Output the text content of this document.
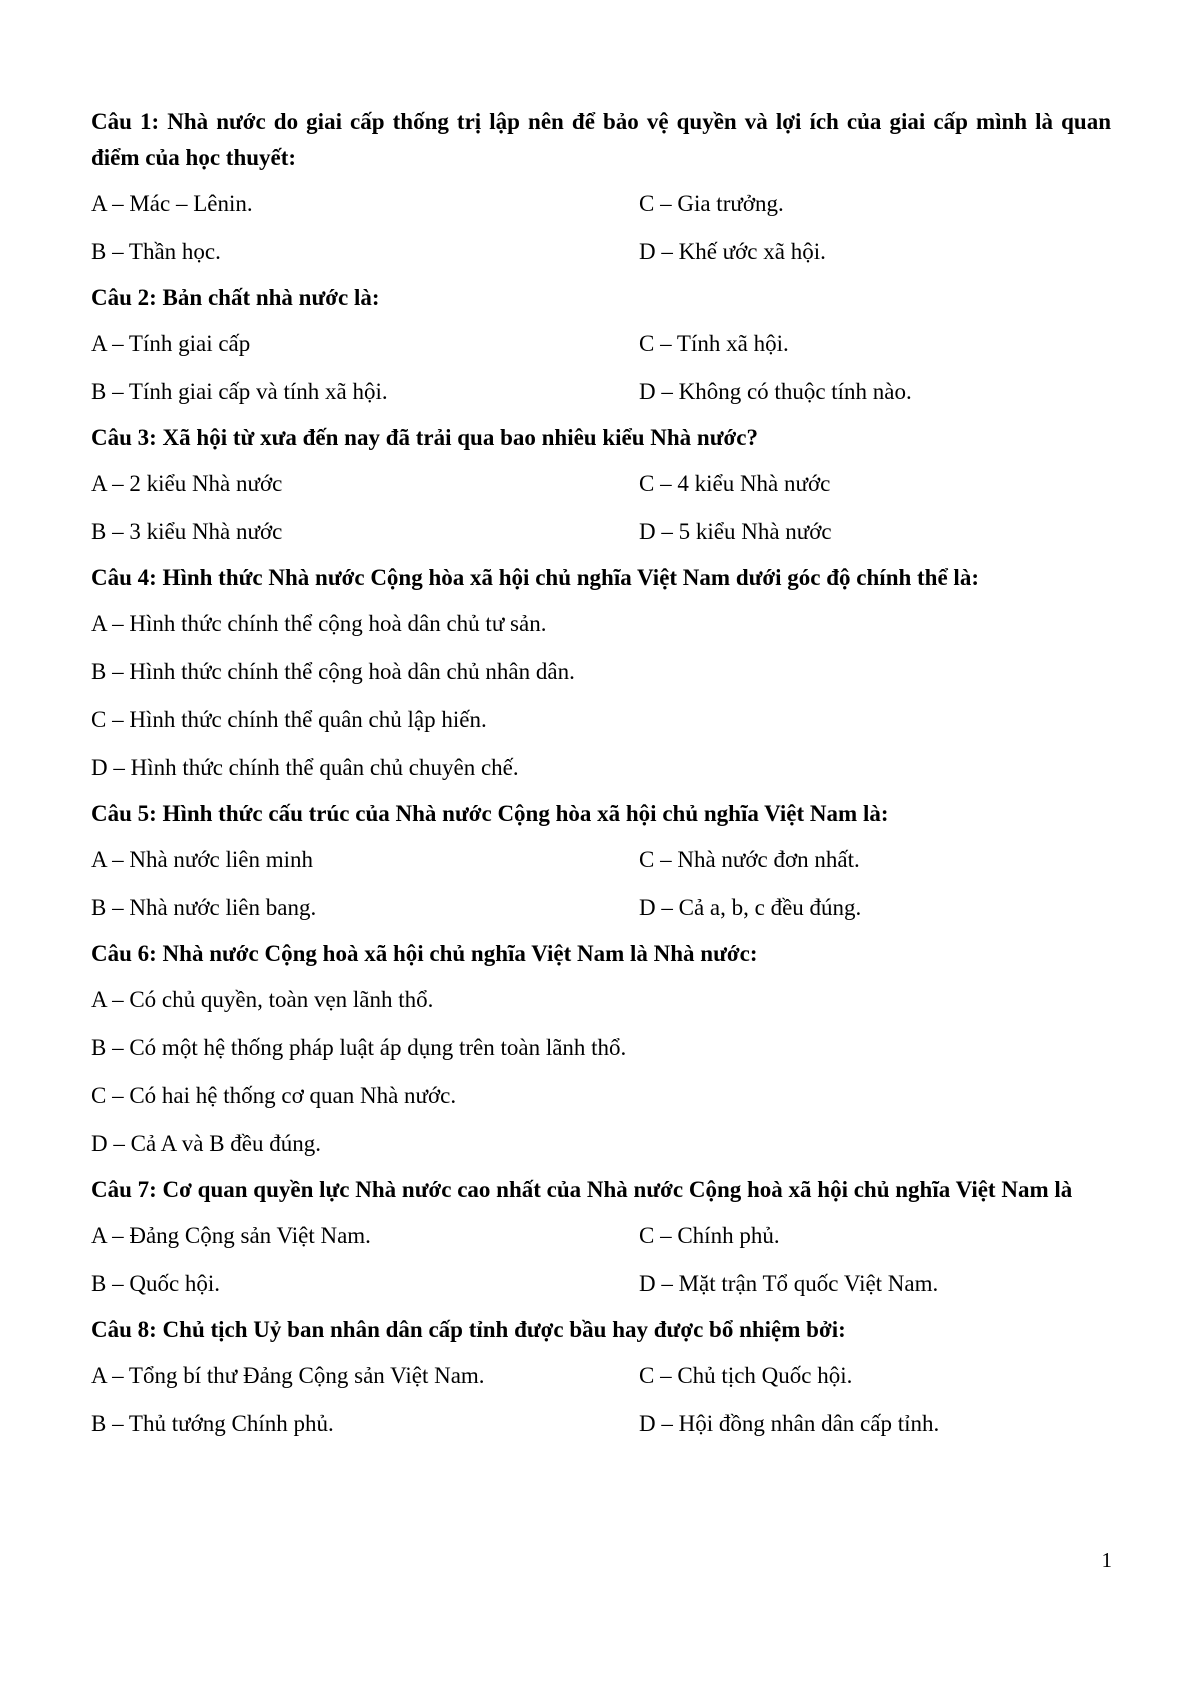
Câu 1: Nhà nước do giai cấp thống trị lập nên để bảo vệ quyền và lợi ích của giai cấp mình là quan điểm của học thuyết:

A – Mác – Lênin.	C – Gia trưởng.
B – Thần học.	D – Khế ước xã hội.

Câu 2: Bản chất nhà nước là:

A – Tính giai cấp	C – Tính xã hội.
B – Tính giai cấp và tính xã hội.	D – Không có thuộc tính nào.

Câu 3: Xã hội từ xưa đến nay đã trải qua bao nhiêu kiểu Nhà nước?

A – 2 kiểu Nhà nước	C – 4 kiểu Nhà nước
B – 3 kiểu Nhà nước	D – 5 kiểu Nhà nước

Câu 4: Hình thức Nhà nước Cộng hòa xã hội chủ nghĩa Việt Nam dưới góc độ chính thể là:

A – Hình thức chính thể cộng hoà dân chủ tư sản.
B – Hình thức chính thể cộng hoà dân chủ nhân dân.
C – Hình thức chính thể quân chủ lập hiến.
D – Hình thức chính thể quân chủ chuyên chế.

Câu 5: Hình thức cấu trúc của Nhà nước Cộng hòa xã hội chủ nghĩa Việt Nam là:

A – Nhà nước liên minh	C – Nhà nước đơn nhất.
B – Nhà nước liên bang.	D – Cả a, b, c đều đúng.

Câu 6: Nhà nước Cộng hoà xã hội chủ nghĩa Việt Nam là Nhà nước:

A – Có chủ quyền, toàn vẹn lãnh thổ.
B – Có một hệ thống pháp luật áp dụng trên toàn lãnh thổ.
C – Có hai hệ thống cơ quan Nhà nước.
D – Cả A và B đều đúng.

Câu 7: Cơ quan quyền lực Nhà nước cao nhất của Nhà nước Cộng hoà xã hội chủ nghĩa Việt Nam là

A – Đảng Cộng sản Việt Nam.	C – Chính phủ.
B – Quốc hội.	D – Mặt trận Tổ quốc Việt Nam.

Câu 8: Chủ tịch Uỷ ban nhân dân cấp tỉnh được bầu hay được bổ nhiệm bởi:

A – Tổng bí thư Đảng Cộng sản Việt Nam.	C – Chủ tịch Quốc hội.
B – Thủ tướng Chính phủ.	D – Hội đồng nhân dân cấp tỉnh.
1
